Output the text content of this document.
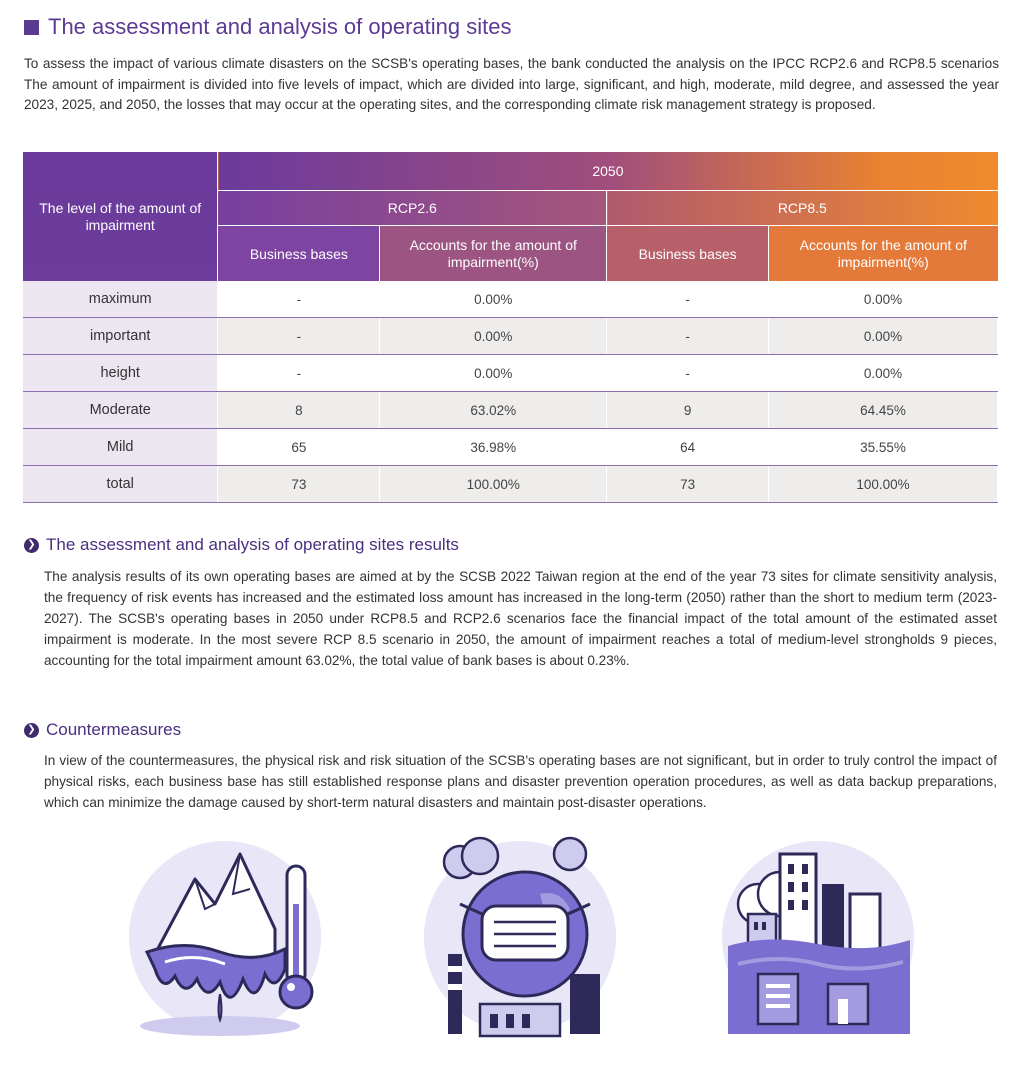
The assessment and analysis of operating sites
To assess the impact of various climate disasters on the SCSB's operating bases, the bank conducted the analysis on the IPCC RCP2.6 and RCP8.5 scenarios The amount of impairment is divided into five levels of impact, which are divided into large, significant, and high, moderate, mild degree, and assessed the year 2023, 2025, and 2050, the losses that may occur at the operating sites, and the corresponding climate risk management strategy is proposed.
The level of the amount of impairment	2050			
	RCP2.6		RCP8.5	
	Business bases	Accounts for the amount of impairment(%)	Business bases	Accounts for the amount of impairment(%)
maximum	-	0.00%	-	0.00%
important	-	0.00%	-	0.00%
height	-	0.00%	-	0.00%
Moderate	8	63.02%	9	64.45%
Mild	65	36.98%	64	35.55%
total	73	100.00%	73	100.00%
❯ The assessment and analysis of operating sites results
The analysis results of its own operating bases are aimed at by the SCSB 2022 Taiwan region at the end of the year 73 sites for climate sensitivity analysis, the frequency of risk events has increased and the estimated loss amount has increased in the long-term (2050) rather than the short to medium term (2023-2027). The SCSB's operating bases in 2050 under RCP8.5 and RCP2.6 scenarios face the financial impact of the total amount of the estimated asset impairment is moderate. In the most severe RCP 8.5 scenario in 2050, the amount of impairment reaches a total of medium-level strongholds 9 pieces, accounting for the total impairment amount 63.02%, the total value of bank bases is about 0.23%.
❯ Countermeasures
In view of the countermeasures, the physical risk and risk situation of the SCSB's operating bases are not significant, but in order to truly control the impact of physical risks, each business base has still established response plans and disaster prevention operation procedures, as well as data backup preparations, which can minimize the damage caused by short-term natural disasters and maintain post-disaster operations.
